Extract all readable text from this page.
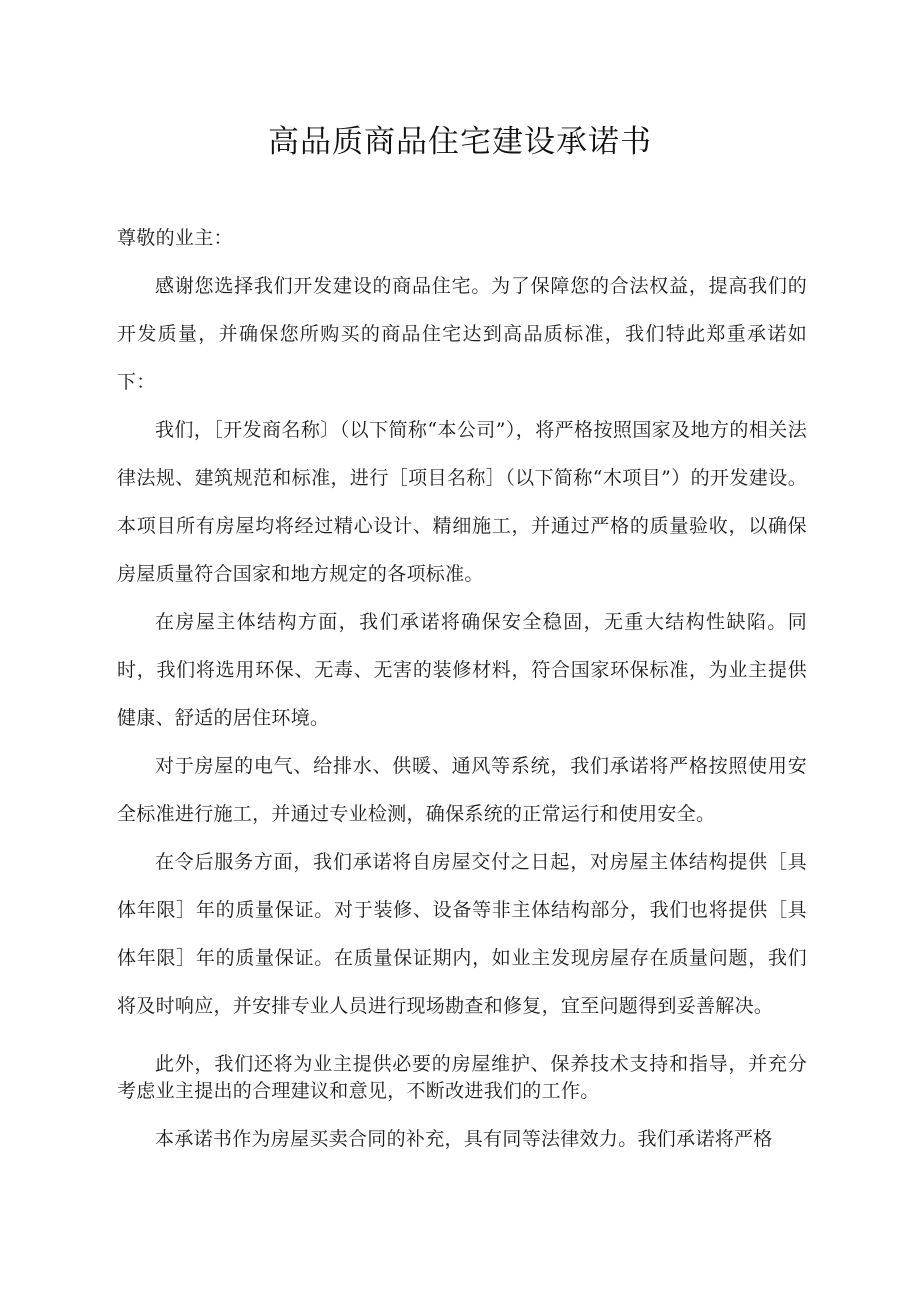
高品质商品住宅建设承诺书

尊敬的业主：

感谢您选择我们开发建设的商品住宅。为了保障您的合法权益，提高我们的开发质量，并确保您所购买的商品住宅达到高品质标准，我们特此郑重承诺如下：

我们，［开发商名称〕（以下简称“本公司”），将严格按照国家及地方的相关法律法规、建筑规范和标准，进行［项目名称］（以下简称“木项目”）的开发建设。本项目所有房屋均将经过精心设计、精细施工，并通过严格的质量验收，以确保房屋质量符合国家和地方规定的各项标准。

在房屋主体结构方面，我们承诺将确保安全稳固，无重大结构性缺陷。同时，我们将选用环保、无毒、无害的装修材料，符合国家环保标准，为业主提供健康、舒适的居住环境。

对于房屋的电气、给排水、供暖、通风等系统，我们承诺将严格按照使用安全标准进行施工，并通过专业检测，确保系统的正常运行和使用安全。

在令后服务方面，我们承诺将自房屋交付之日起，对房屋主体结构提供［具体年限］年的质量保证。对于装修、设备等非主体结构部分，我们也将提供［具体年限］年的质量保证。在质量保证期内，如业主发现房屋存在质量问题，我们将及时响应，并安排专业人员进行现场勘查和修复，宜至问题得到妥善解决。

此外，我们还将为业主提供必要的房屋维护、保养技术支持和指导，并充分考虑业主提出的合理建议和意见，不断改进我们的工作。

本承诺书作为房屋买卖合同的补充，具有同等法律效力。我们承诺将严格
